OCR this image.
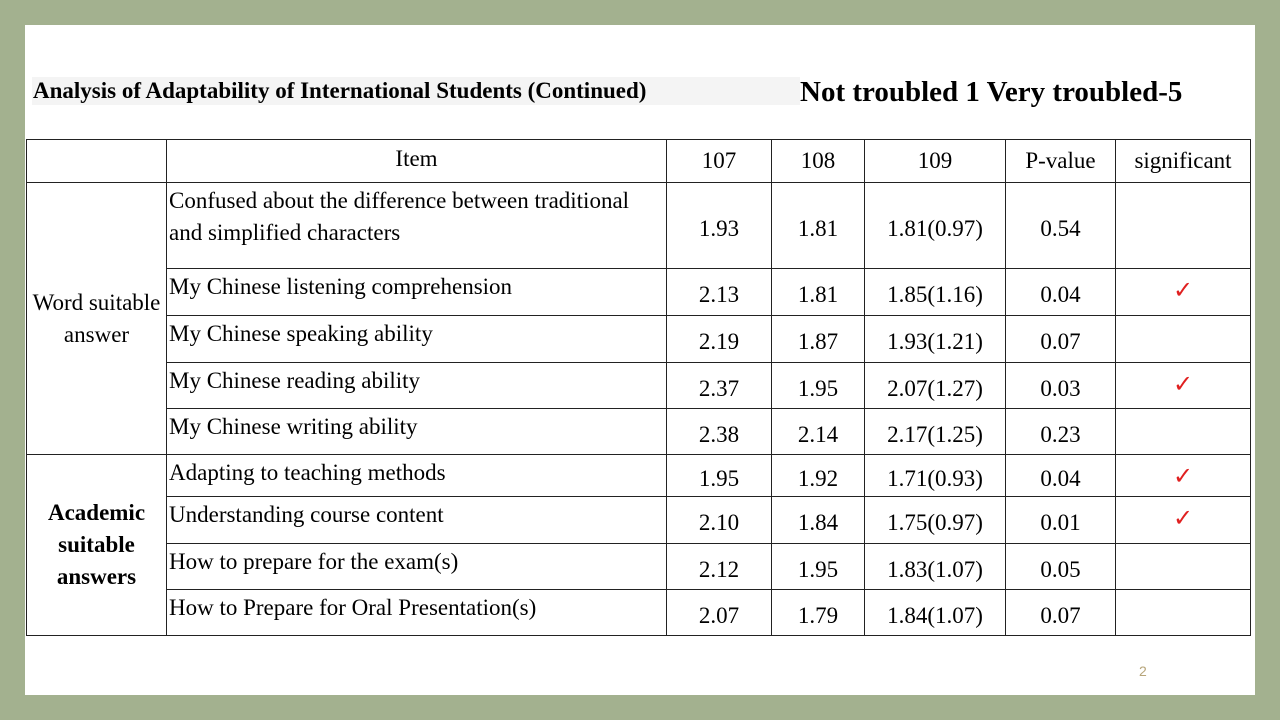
Analysis of Adaptability of International Students (Continued)	Not troubled 1 Very troubled-5
	Item	107	108	109	P-value	significant
Word suitable answer	Confused about the difference between traditional and simplified characters	1.93	1.81	1.81(0.97)	0.54	
	My Chinese listening comprehension	2.13	1.81	1.85(1.16)	0.04	✓
	My Chinese speaking ability	2.19	1.87	1.93(1.21)	0.07	
	My Chinese reading ability	2.37	1.95	2.07(1.27)	0.03	✓
	My Chinese writing ability	2.38	2.14	2.17(1.25)	0.23	
Academic suitable answers	Adapting to teaching methods	1.95	1.92	1.71(0.93)	0.04	✓
	Understanding course content	2.10	1.84	1.75(0.97)	0.01	✓
	How to prepare for the exam(s)	2.12	1.95	1.83(1.07)	0.05	
	How to Prepare for Oral Presentation(s)	2.07	1.79	1.84(1.07)	0.07	
2
